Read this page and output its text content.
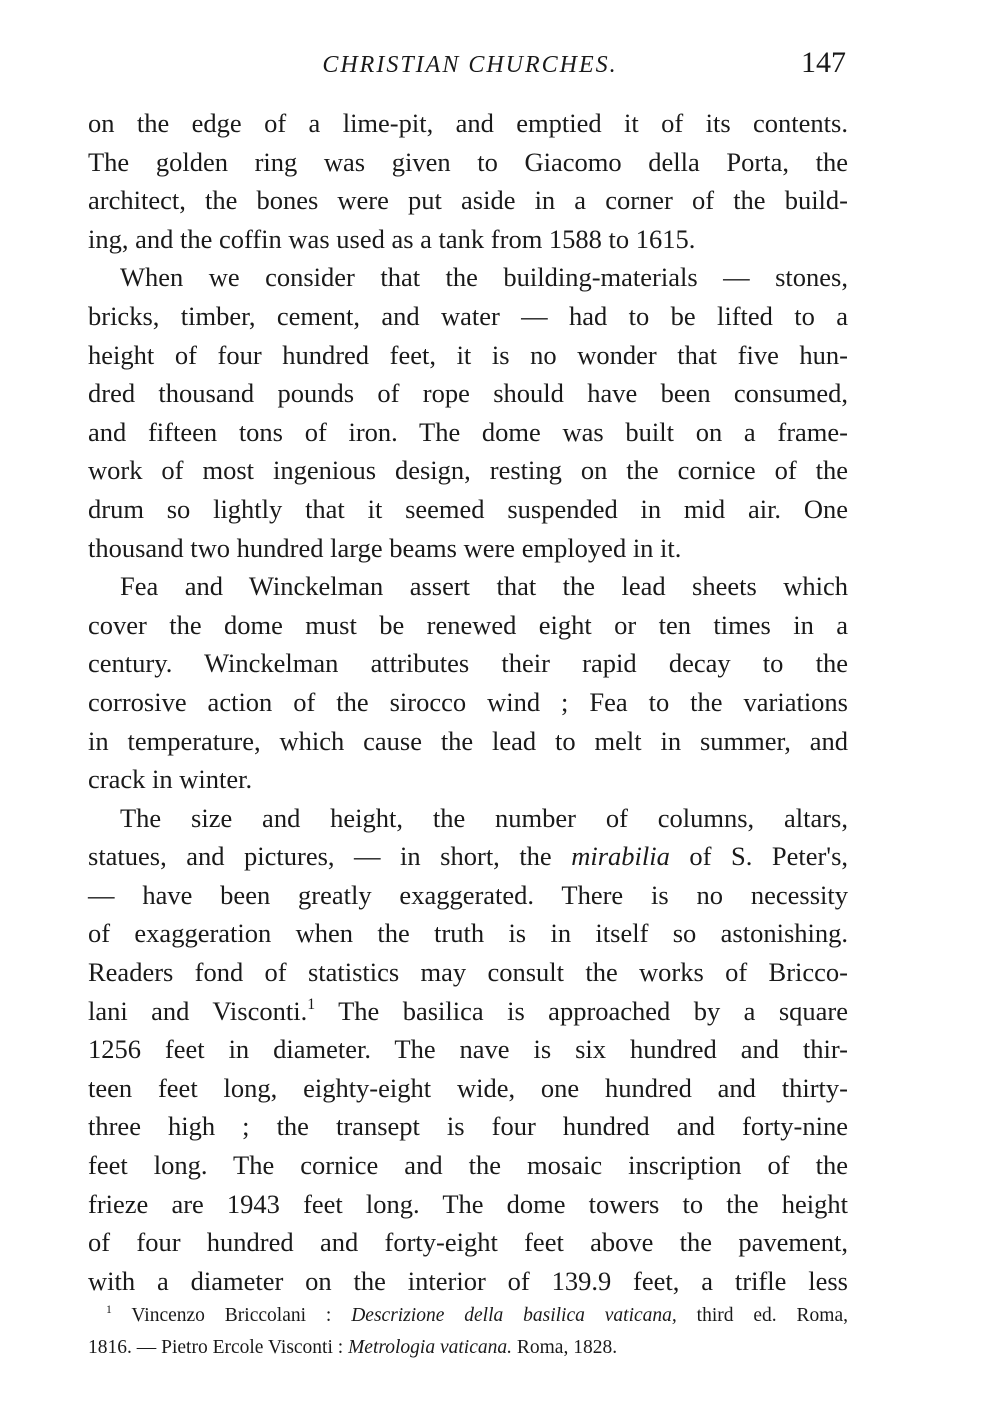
CHRISTIAN CHURCHES.	147
on the edge of a lime-pit, and emptied it of its contents.
The golden ring was given to Giacomo della Porta, the
architect, the bones were put aside in a corner of the build-
ing, and the coffin was used as a tank from 1588 to 1615.
When we consider that the building-materials — stones,
bricks, timber, cement, and water — had to be lifted to a
height of four hundred feet, it is no wonder that five hun-
dred thousand pounds of rope should have been consumed,
and fifteen tons of iron. The dome was built on a frame-
work of most ingenious design, resting on the cornice of the
drum so lightly that it seemed suspended in mid air. One
thousand two hundred large beams were employed in it.
Fea and Winckelman assert that the lead sheets which
cover the dome must be renewed eight or ten times in a
century. Winckelman attributes their rapid decay to the
corrosive action of the sirocco wind ; Fea to the variations
in temperature, which cause the lead to melt in summer, and
crack in winter.
The size and height, the number of columns, altars,
statues, and pictures, — in short, the mirabilia of S. Peter's,
— have been greatly exaggerated. There is no necessity
of exaggeration when the truth is in itself so astonishing.
Readers fond of statistics may consult the works of Bricco-
lani and Visconti.$^1$ The basilica is approached by a square
1256 feet in diameter. The nave is six hundred and thir-
teen feet long, eighty-eight wide, one hundred and thirty-
three high ; the transept is four hundred and forty-nine
feet long. The cornice and the mosaic inscription of the
frieze are 1943 feet long. The dome towers to the height
of four hundred and forty-eight feet above the pavement,
with a diameter on the interior of 139.9 feet, a trifle less
$^1$ Vincenzo Briccolani : Descrizione della basilica vaticana, third ed. Roma,
1816. — Pietro Ercole Visconti : Metrologia vaticana. Roma, 1828.
